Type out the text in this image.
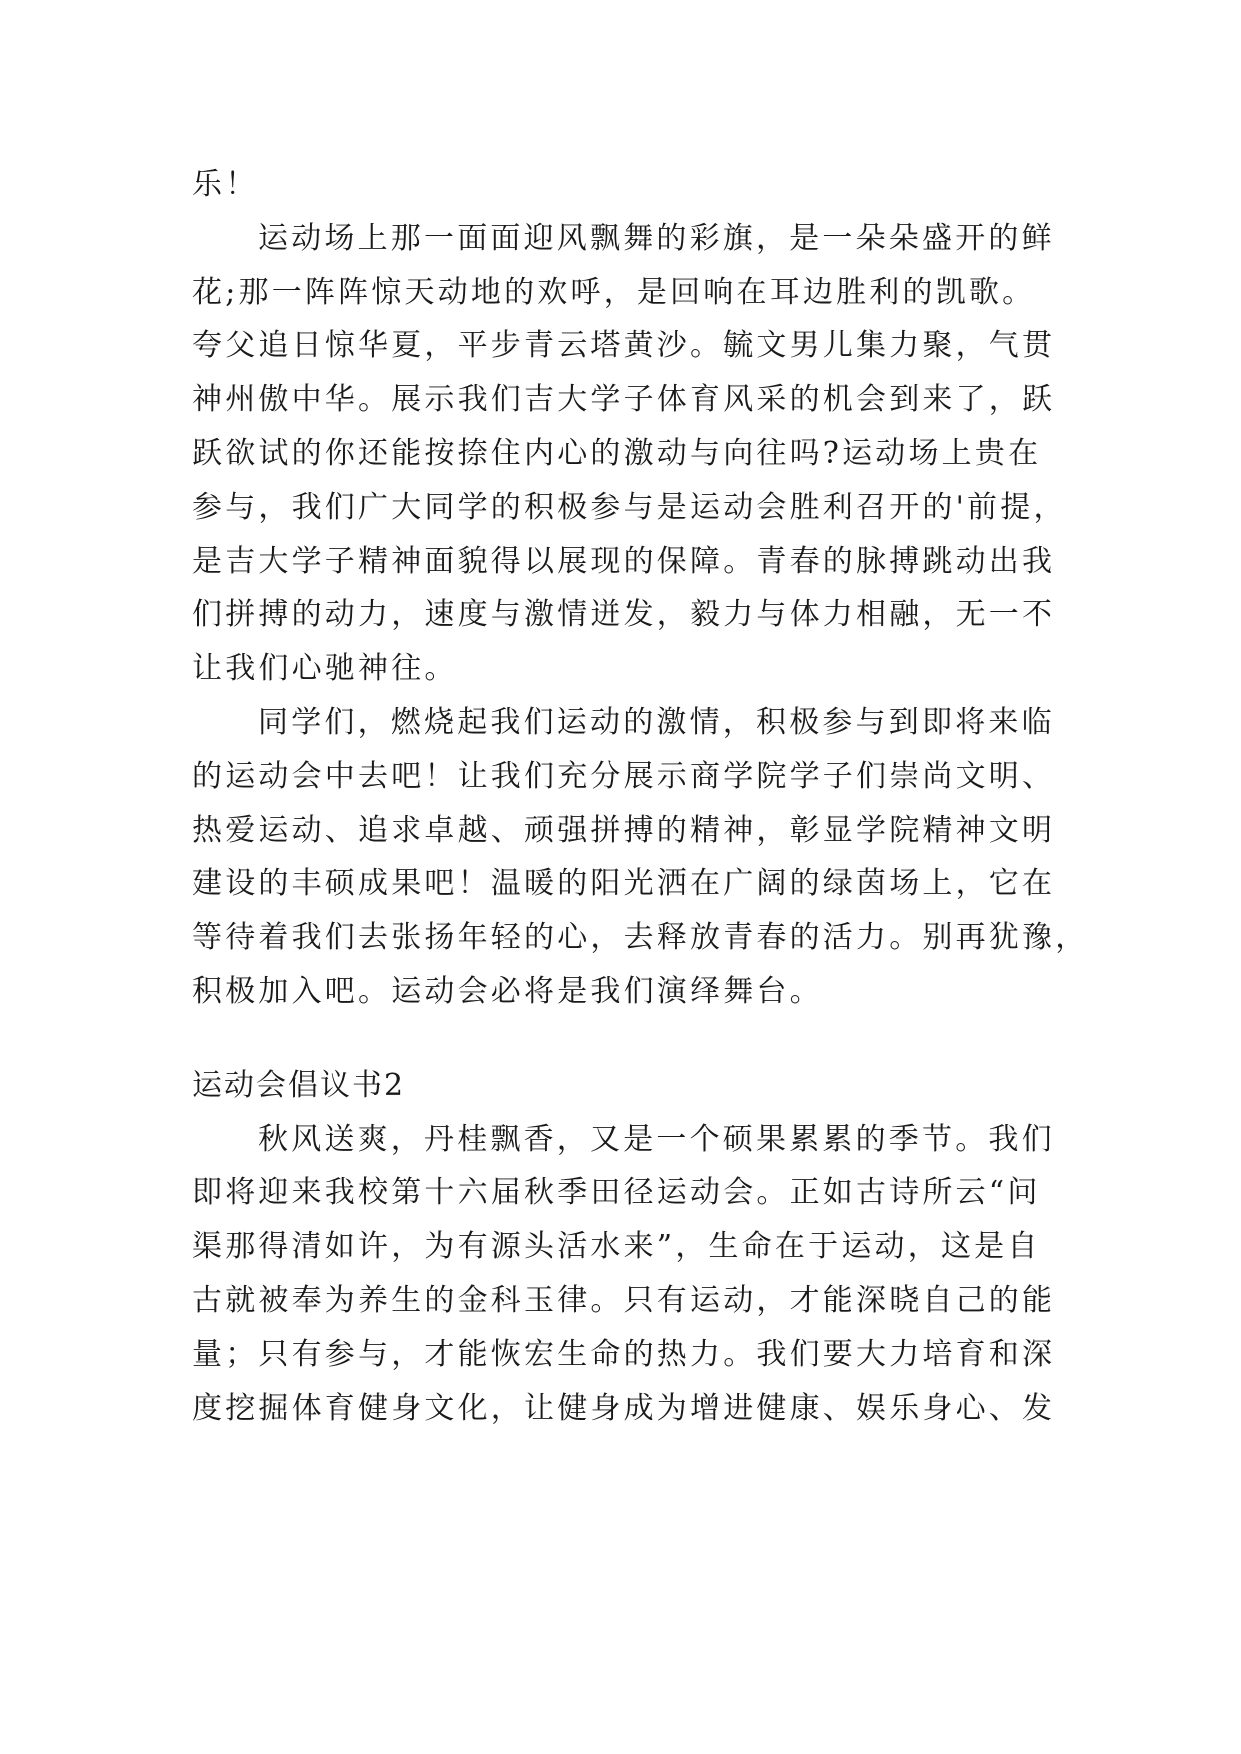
乐！
运动场上那一面面迎风飘舞的彩旗，是一朵朵盛开的鲜
花;那一阵阵惊天动地的欢呼，是回响在耳边胜利的凯歌。
夸父追日惊华夏，平步青云塔黄沙。毓文男儿集力聚，气贯
神州傲中华。展示我们吉大学子体育风采的机会到来了，跃
跃欲试的你还能按捺住内心的激动与向往吗?运动场上贵在
参与，我们广大同学的积极参与是运动会胜利召开的'前提，
是吉大学子精神面貌得以展现的保障。青春的脉搏跳动出我
们拼搏的动力，速度与激情迸发，毅力与体力相融，无一不
让我们心驰神往。
同学们，燃烧起我们运动的激情，积极参与到即将来临
的运动会中去吧！让我们充分展示商学院学子们崇尚文明、
热爱运动、追求卓越、顽强拼搏的精神，彰显学院精神文明
建设的丰硕成果吧！温暖的阳光洒在广阔的绿茵场上，它在
等待着我们去张扬年轻的心，去释放青春的活力。别再犹豫，
积极加入吧。运动会必将是我们演绎舞台。
运动会倡议书2
秋风送爽，丹桂飘香，又是一个硕果累累的季节。我们
即将迎来我校第十六届秋季田径运动会。正如古诗所云“问
渠那得清如许，为有源头活水来”，生命在于运动，这是自
古就被奉为养生的金科玉律。只有运动，才能深晓自己的能
量；只有参与，才能恢宏生命的热力。我们要大力培育和深
度挖掘体育健身文化，让健身成为增进健康、娱乐身心、发
